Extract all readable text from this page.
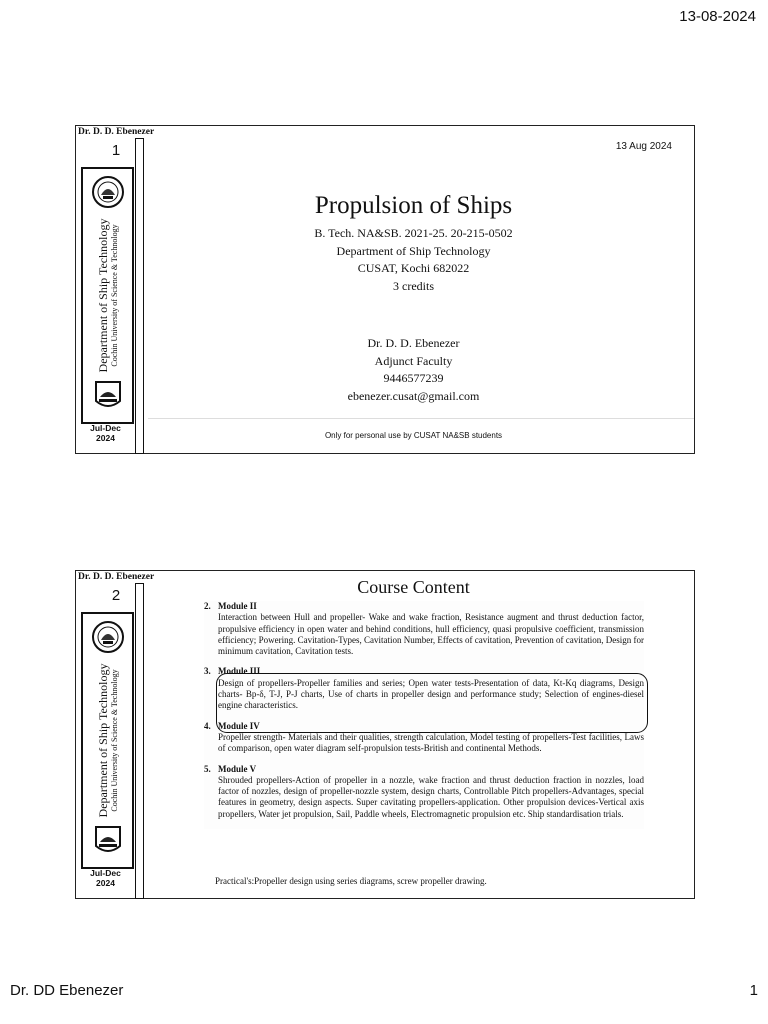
13-08-2024
Dr. D. D. Ebenezer
1
Department of Ship Technology Cochin University of Science & Technology
Jul-Dec
2024
13 Aug 2024
Propulsion of Ships
B. Tech. NA&SB. 2021-25. 20-215-0502
Department of Ship Technology
CUSAT, Kochi 682022
3 credits
Dr. D. D. Ebenezer
Adjunct Faculty
9446577239
ebenezer.cusat@gmail.com
Only for personal use by CUSAT NA&SB students
Dr. D. D. Ebenezer
2
Department of Ship Technology Cochin University of Science & Technology
Jul-Dec
2024
Course Content
2. Module II
Interaction between Hull and propeller- Wake and wake fraction, Resistance augment and thrust deduction factor, propulsive efficiency in open water and behind conditions, hull efficiency, quasi propulsive coefficient, transmission efficiency; Powering. Cavitation-Types, Cavitation Number, Effects of cavitation, Prevention of cavitation, Design for minimum cavitation, Cavitation tests.
3. Module III
Design of propellers-Propeller families and series; Open water tests-Presentation of data, Kt-Kq diagrams, Design charts- Bp-δ, T-J, P-J charts, Use of charts in propeller design and performance study; Selection of engines-diesel engine characteristics.
4. Module IV
Propeller strength- Materials and their qualities, strength calculation, Model testing of propellers-Test facilities, Laws of comparison, open water diagram self-propulsion tests-British and continental Methods.
5. Module V
Shrouded propellers-Action of propeller in a nozzle, wake fraction and thrust deduction fraction in nozzles, load factor of nozzles, design of propeller-nozzle system, design charts, Controllable Pitch propellers-Advantages, special features in geometry, design aspects. Super cavitating propellers-application. Other propulsion devices-Vertical axis propellers, Water jet propulsion, Sail, Paddle wheels, Electromagnetic propulsion etc. Ship standardisation trials.
Practical's:Propeller design using series diagrams, screw propeller drawing.
Dr. DD Ebenezer	1
